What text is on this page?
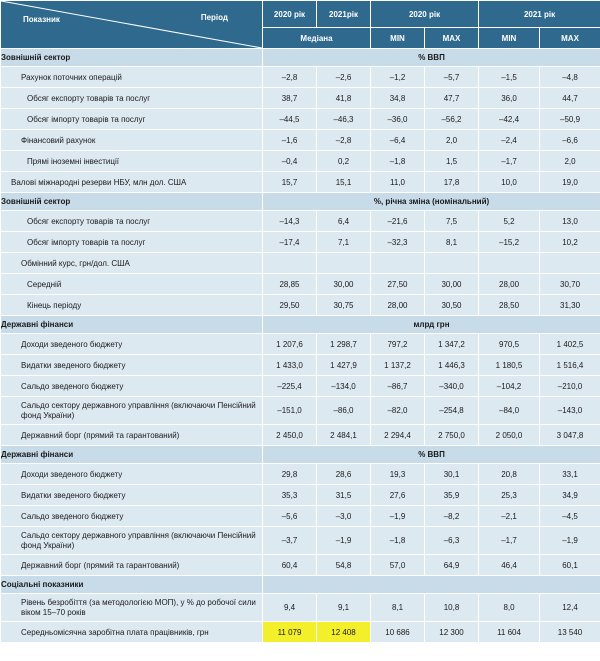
Показник Період	2020 рік	2021рік	2020 рік		2021 рік	
	Медіана		MIN	MAX	MIN	MAX
Зовнішній сектор	% ВВП					
Рахунок поточних операцій	–2,8	–2,6	–1,2	–5,7	–1,5	–4,8
Обсяг експорту товарів та послуг	38,7	41,8	34,8	47,7	36,0	44,7
Обсяг імпорту товарів та послуг	–44,5	–46,3	–36,0	–56,2	–42,4	–50,9
Фінансовий рахунок	–1,6	–2,8	–6,4	2,0	–2,4	–6,6
Прямі іноземні інвестиції	–0,4	0,2	–1,8	1,5	–1,7	2,0
Валові міжнародні резерви НБУ, млн дол. США	15,7	15,1	11,0	17,8	10,0	19,0
Зовнішній сектор	%, річна зміна (номінальний)					
Обсяг експорту товарів та послуг	–14,3	6,4	–21,6	7,5	5,2	13,0
Обсяг імпорту товарів та послуг	–17,4	7,1	–32,3	8,1	–15,2	10,2
Обмінний курс, грн/дол. США						
Середній	28,85	30,00	27,50	30,00	28,00	30,70
Кінець періоду	29,50	30,75	28,00	30,50	28,50	31,30
Державні фінанси	млрд грн					
Доходи зведеного бюджету	1 207,6	1 298,7	797,2	1 347,2	970,5	1 402,5
Видатки зведеного бюджету	1 433,0	1 427,9	1 137,2	1 446,3	1 180,5	1 516,4
Сальдо зведеного бюджету	–225,4	–134,0	–86,7	–340,0	–104,2	–210,0
Сальдо сектору державного управління (включаючи Пенсійний фонд України)	–151,0	–86,0	–82,0	–254,8	–84,0	–143,0
Державний борг (прямий та гарантований)	2 450,0	2 484,1	2 294,4	2 750,0	2 050,0	3 047,8
Державні фінанси	% ВВП					
Доходи зведеного бюджету	29,8	28,6	19,3	30,1	20,8	33,1
Видатки зведеного бюджету	35,3	31,5	27,6	35,9	25,3	34,9
Сальдо зведеного бюджету	–5,6	–3,0	–1,9	–8,2	–2,1	–4,5
Сальдо сектору державного управління (включаючи Пенсійний фонд України)	–3,7	–1,9	–1,8	–6,3	–1,7	–1,9
Державний борг (прямий та гарантований)	60,4	54,8	57,0	64,9	46,4	60,1
Соціальні показники						
Рівень безробіття (за методологією МОП), у % до робочої сили віком 15–70 років	9,4	9,1	8,1	10,8	8,0	12,4
Середньомісячна заробітна плата працівників, грн	11 079	12 408	10 686	12 300	11 604	13 540
